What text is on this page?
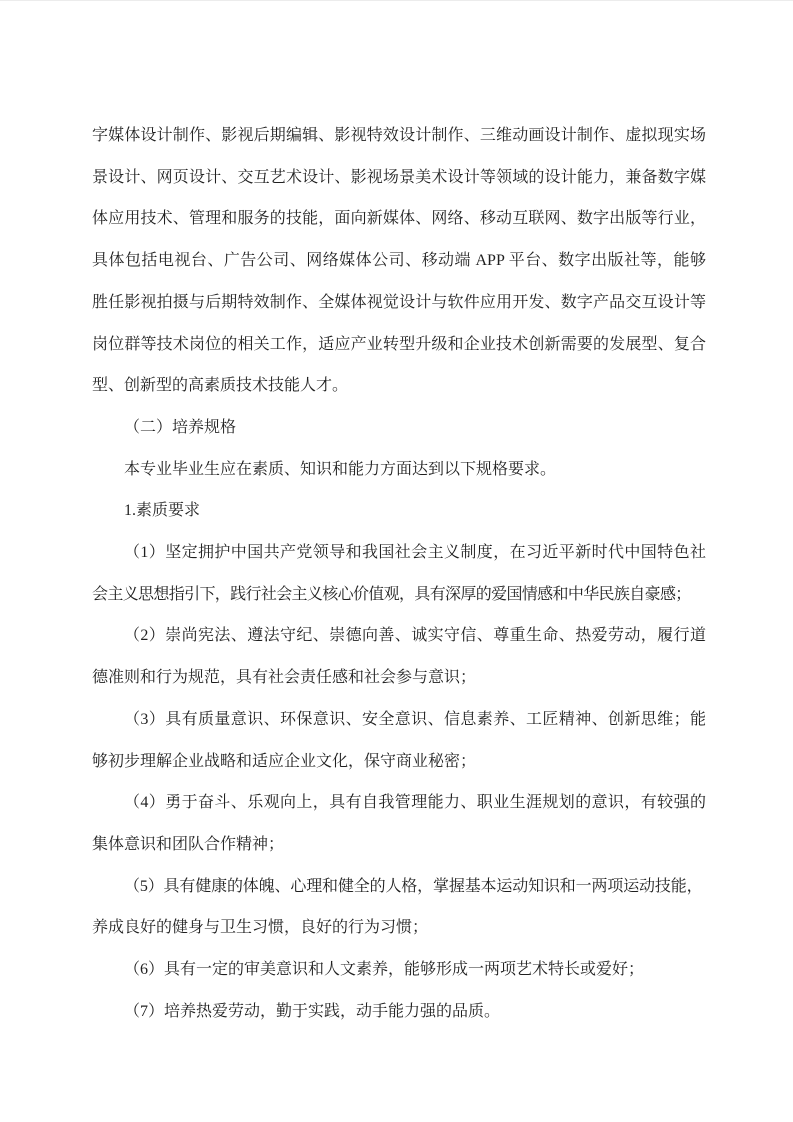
字媒体设计制作、影视后期编辑、影视特效设计制作、三维动画设计制作、虚拟现实场
景设计、网页设计、交互艺术设计、影视场景美术设计等领域的设计能力，兼备数字媒
体应用技术、管理和服务的技能，面向新媒体、网络、移动互联网、数字出版等行业，
具体包括电视台、广告公司、网络媒体公司、移动端 APP 平台、数字出版社等，能够
胜任影视拍摄与后期特效制作、全媒体视觉设计与软件应用开发、数字产品交互设计等
岗位群等技术岗位的相关工作，适应产业转型升级和企业技术创新需要的发展型、复合
型、创新型的高素质技术技能人才。
（二）培养规格
本专业毕业生应在素质、知识和能力方面达到以下规格要求。
1.素质要求
（1）坚定拥护中国共产党领导和我国社会主义制度，在习近平新时代中国特色社
会主义思想指引下，践行社会主义核心价值观，具有深厚的爱国情感和中华民族自豪感；
（2）崇尚宪法、遵法守纪、崇德向善、诚实守信、尊重生命、热爱劳动，履行道
德准则和行为规范，具有社会责任感和社会参与意识；
（3）具有质量意识、环保意识、安全意识、信息素养、工匠精神、创新思维；能
够初步理解企业战略和适应企业文化，保守商业秘密；
（4）勇于奋斗、乐观向上，具有自我管理能力、职业生涯规划的意识，有较强的
集体意识和团队合作精神；
（5）具有健康的体魄、心理和健全的人格，掌握基本运动知识和一两项运动技能，
养成良好的健身与卫生习惯，良好的行为习惯；
（6）具有一定的审美意识和人文素养，能够形成一两项艺术特长或爱好；
（7）培养热爱劳动，勤于实践，动手能力强的品质。
